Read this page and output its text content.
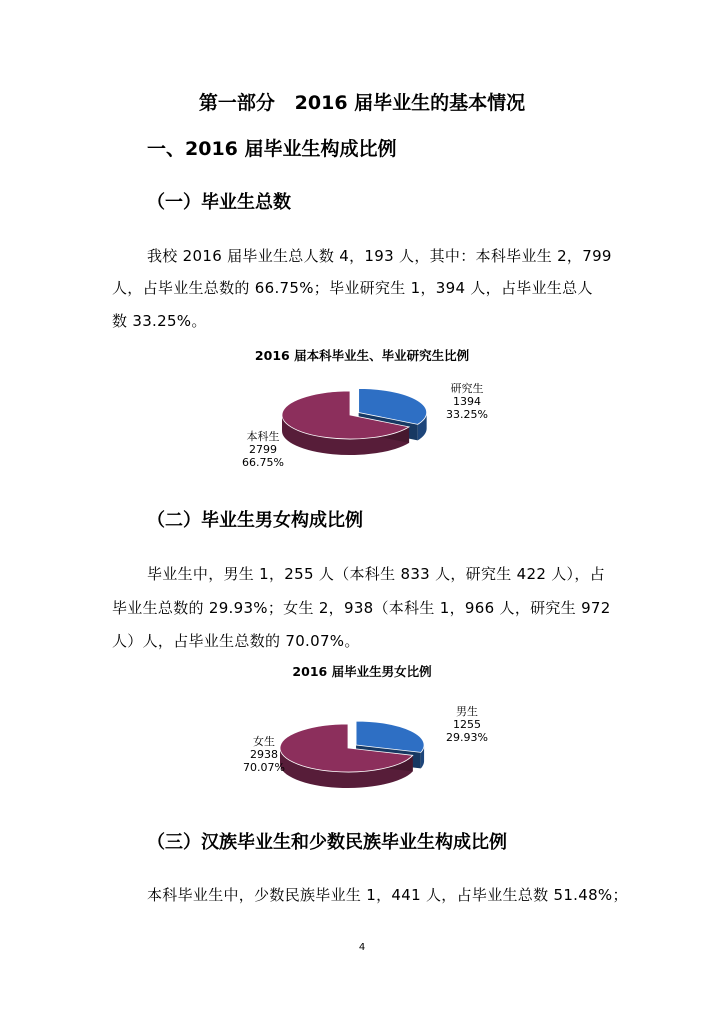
第一部分   2016 届毕业生的基本情况
一、2016 届毕业生构成比例
（一）毕业生总数
我校 2016 届毕业生总人数 4，193 人，其中：本科毕业生 2，799
人，占毕业生总数的 66.75%；毕业研究生 1，394 人，占毕业生总人
数 33.25%。
2016 届本科毕业生、毕业研究生比例
研究生
1394
33.25%
本科生
2799
66.75%
（二）毕业生男女构成比例
毕业生中，男生 1，255 人（本科生 833 人，研究生 422 人），占
毕业生总数的 29.93%；女生 2，938（本科生 1，966 人，研究生 972
人）人，占毕业生总数的 70.07%。
2016 届毕业生男女比例
男生
1255
29.93%
女生
2938
70.07%
（三）汉族毕业生和少数民族毕业生构成比例
本科毕业生中，少数民族毕业生 1，441 人，占毕业生总数 51.48%；
4
